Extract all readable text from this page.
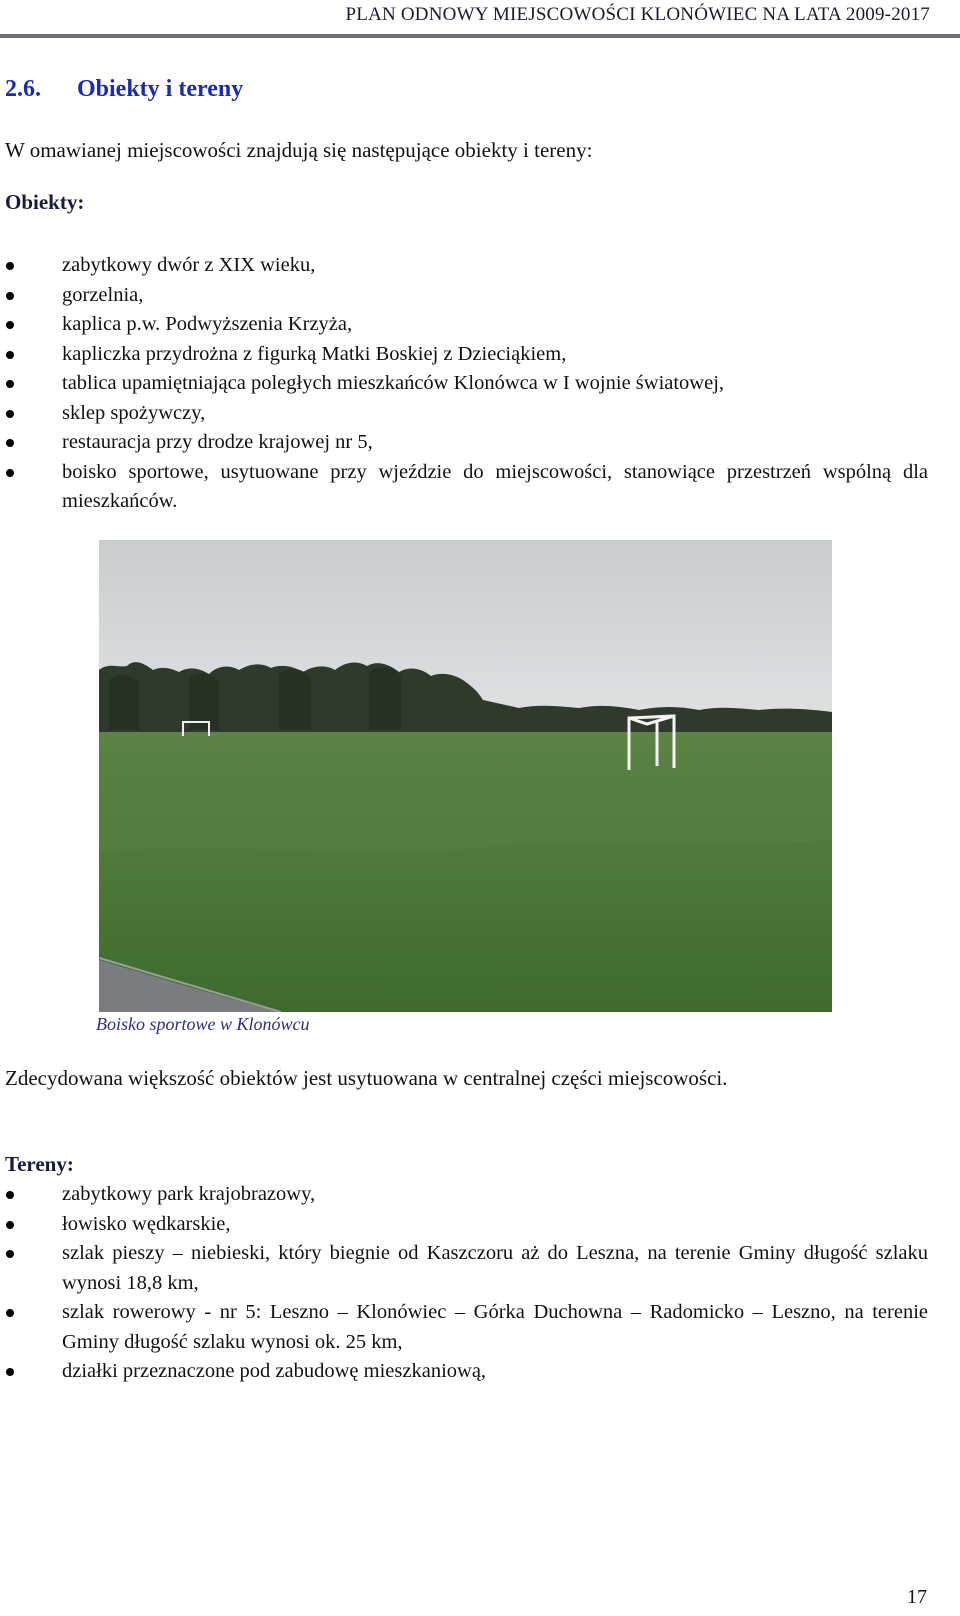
PLAN ODNOWY MIEJSCOWOŚCI KLONÓWIEC NA LATA 2009-2017
2.6. Obiekty i tereny
W omawianej miejscowości znajdują się następujące obiekty i tereny:
Obiekty:
zabytkowy dwór z XIX wieku,
gorzelnia,
kaplica p.w. Podwyższenia Krzyża,
kapliczka przydrożna z figurką Matki Boskiej z Dzieciąkiem,
tablica upamiętniająca poległych mieszkańców Klonówca w I wojnie światowej,
sklep spożywczy,
restauracja przy drodze krajowej nr 5,
boisko sportowe, usytuowane przy wjeździe do miejscowości, stanowiące przestrzeń wspólną dla mieszkańców.
Boisko sportowe w Klonówcu
Zdecydowana większość obiektów jest usytuowana w centralnej części miejscowości.
Tereny:
zabytkowy park krajobrazowy,
łowisko wędkarskie,
szlak pieszy – niebieski, który biegnie od Kaszczoru aż do Leszna, na terenie Gminy długość szlaku wynosi 18,8 km,
szlak rowerowy - nr 5: Leszno – Klonówiec – Górka Duchowna – Radomicko – Leszno, na terenie Gminy długość szlaku wynosi ok. 25 km,
działki przeznaczone pod zabudowę mieszkaniową,
17
